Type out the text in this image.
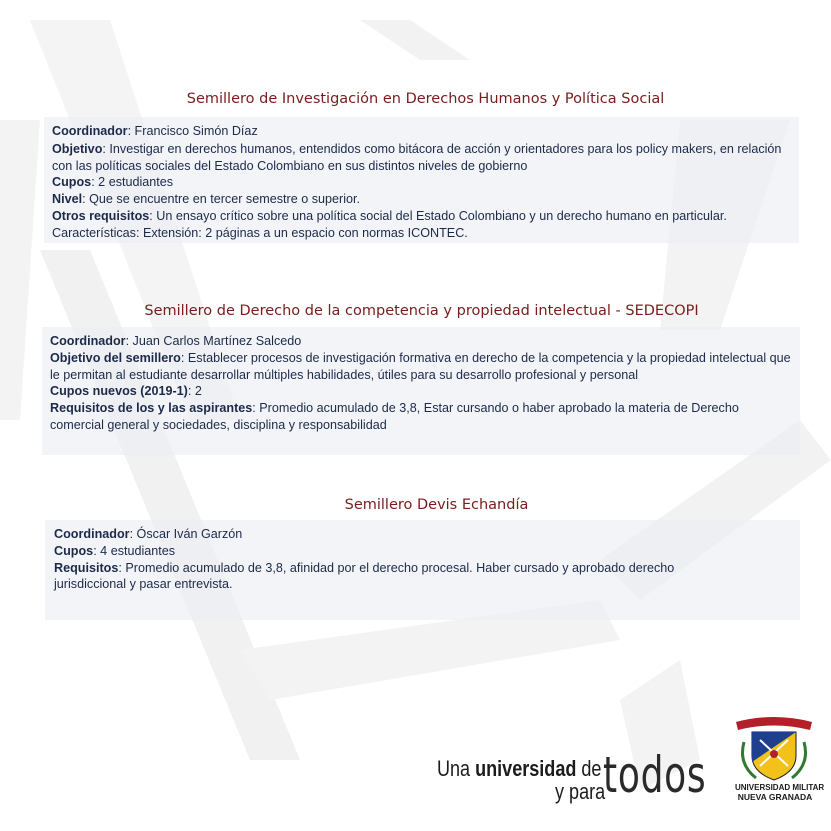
Semillero de Investigación en Derechos Humanos y Política Social
Coordinador: Francisco Simón Díaz
Objetivo: Investigar en derechos humanos, entendidos como bitácora de acción y orientadores para los policy makers, en relación con las políticas sociales del Estado Colombiano en sus distintos niveles de gobierno
Cupos: 2 estudiantes
Nivel: Que se encuentre en tercer semestre o superior.
Otros requisitos: Un ensayo crítico sobre una política social del Estado Colombiano y un derecho humano en particular.
Características: Extensión: 2 páginas a un espacio con normas ICONTEC.
Semillero de Derecho de la competencia y propiedad intelectual - SEDECOPI
Coordinador: Juan Carlos Martínez Salcedo
Objetivo del semillero: Establecer procesos de investigación formativa en derecho de la competencia y la propiedad intelectual que le permitan al estudiante desarrollar múltiples habilidades, útiles para su desarrollo profesional y personal
Cupos nuevos (2019-1): 2
Requisitos de los y las aspirantes: Promedio acumulado de 3,8, Estar cursando o haber aprobado la materia de Derecho comercial general y sociedades, disciplina y responsabilidad
Semillero Devis Echandía
Coordinador: Óscar Iván Garzón
Cupos: 4 estudiantes
Requisitos: Promedio acumulado de 3,8, afinidad por el derecho procesal. Haber cursado y aprobado derecho jurisdiccional y pasar entrevista.
Una universidad de
y para
todos	UNIVERSIDAD MILITAR
NUEVA GRANADA
